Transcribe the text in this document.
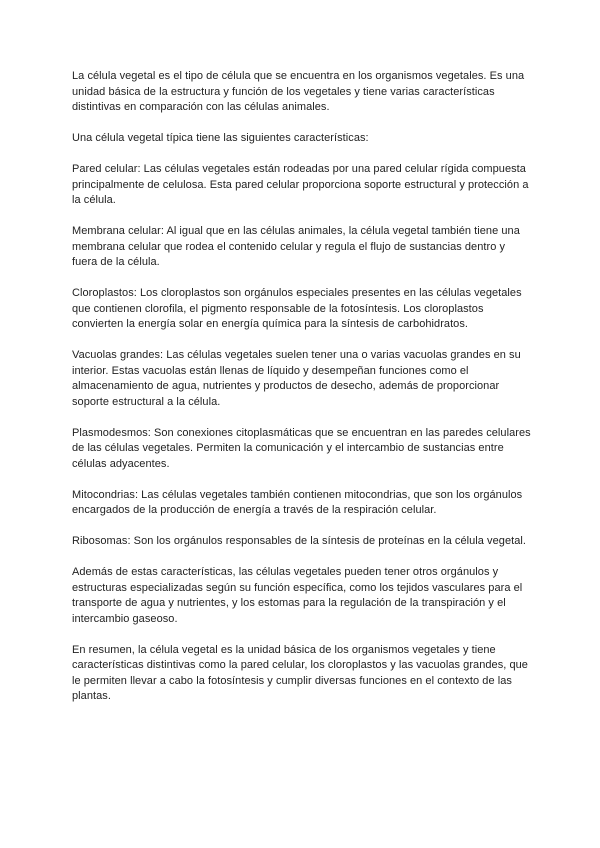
La célula vegetal es el tipo de célula que se encuentra en los organismos vegetales. Es una unidad básica de la estructura y función de los vegetales y tiene varias características distintivas en comparación con las células animales.

Una célula vegetal típica tiene las siguientes características:

Pared celular: Las células vegetales están rodeadas por una pared celular rígida compuesta principalmente de celulosa. Esta pared celular proporciona soporte estructural y protección a la célula.

Membrana celular: Al igual que en las células animales, la célula vegetal también tiene una membrana celular que rodea el contenido celular y regula el flujo de sustancias dentro y fuera de la célula.

Cloroplastos: Los cloroplastos son orgánulos especiales presentes en las células vegetales que contienen clorofila, el pigmento responsable de la fotosíntesis. Los cloroplastos convierten la energía solar en energía química para la síntesis de carbohidratos.

Vacuolas grandes: Las células vegetales suelen tener una o varias vacuolas grandes en su interior. Estas vacuolas están llenas de líquido y desempeñan funciones como el almacenamiento de agua, nutrientes y productos de desecho, además de proporcionar soporte estructural a la célula.

Plasmodesmos: Son conexiones citoplasmáticas que se encuentran en las paredes celulares de las células vegetales. Permiten la comunicación y el intercambio de sustancias entre células adyacentes.

Mitocondrias: Las células vegetales también contienen mitocondrias, que son los orgánulos encargados de la producción de energía a través de la respiración celular.

Ribosomas: Son los orgánulos responsables de la síntesis de proteínas en la célula vegetal.

Además de estas características, las células vegetales pueden tener otros orgánulos y estructuras especializadas según su función específica, como los tejidos vasculares para el transporte de agua y nutrientes, y los estomas para la regulación de la transpiración y el intercambio gaseoso.

En resumen, la célula vegetal es la unidad básica de los organismos vegetales y tiene características distintivas como la pared celular, los cloroplastos y las vacuolas grandes, que le permiten llevar a cabo la fotosíntesis y cumplir diversas funciones en el contexto de las plantas.
